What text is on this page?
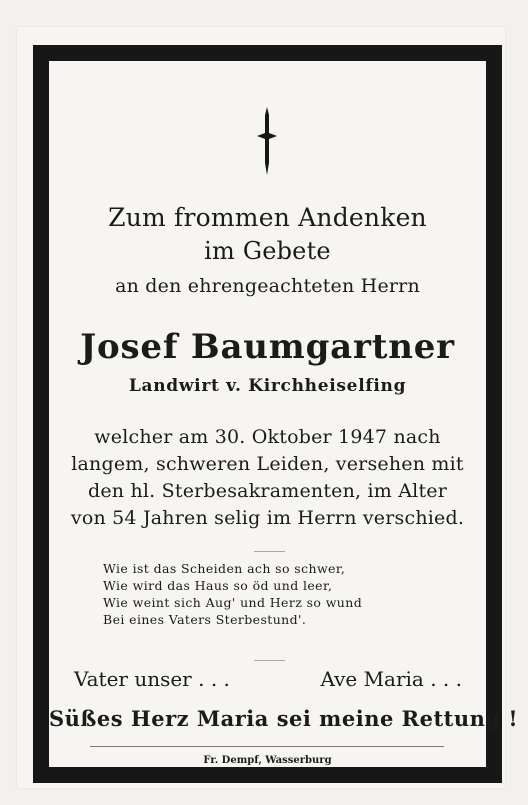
Zum frommen Andenken
im Gebete
an den ehrengeachteten Herrn
Josef Baumgartner
Landwirt v. Kirchheiselfing
welcher am 30. Oktober 1947 nach
langem, schweren Leiden, versehen mit
den hl. Sterbesakramenten, im Alter
von 54 Jahren selig im Herrn verschied.
Wie ist das Scheiden ach so schwer,
Wie wird das Haus so öd und leer,
Wie weint sich Aug' und Herz so wund
Bei eines Vaters Sterbestund'.
Vater unser . . .	Ave Maria . . .
Süßes Herz Maria sei meine Rettung !
Fr. Dempf, Wasserburg
